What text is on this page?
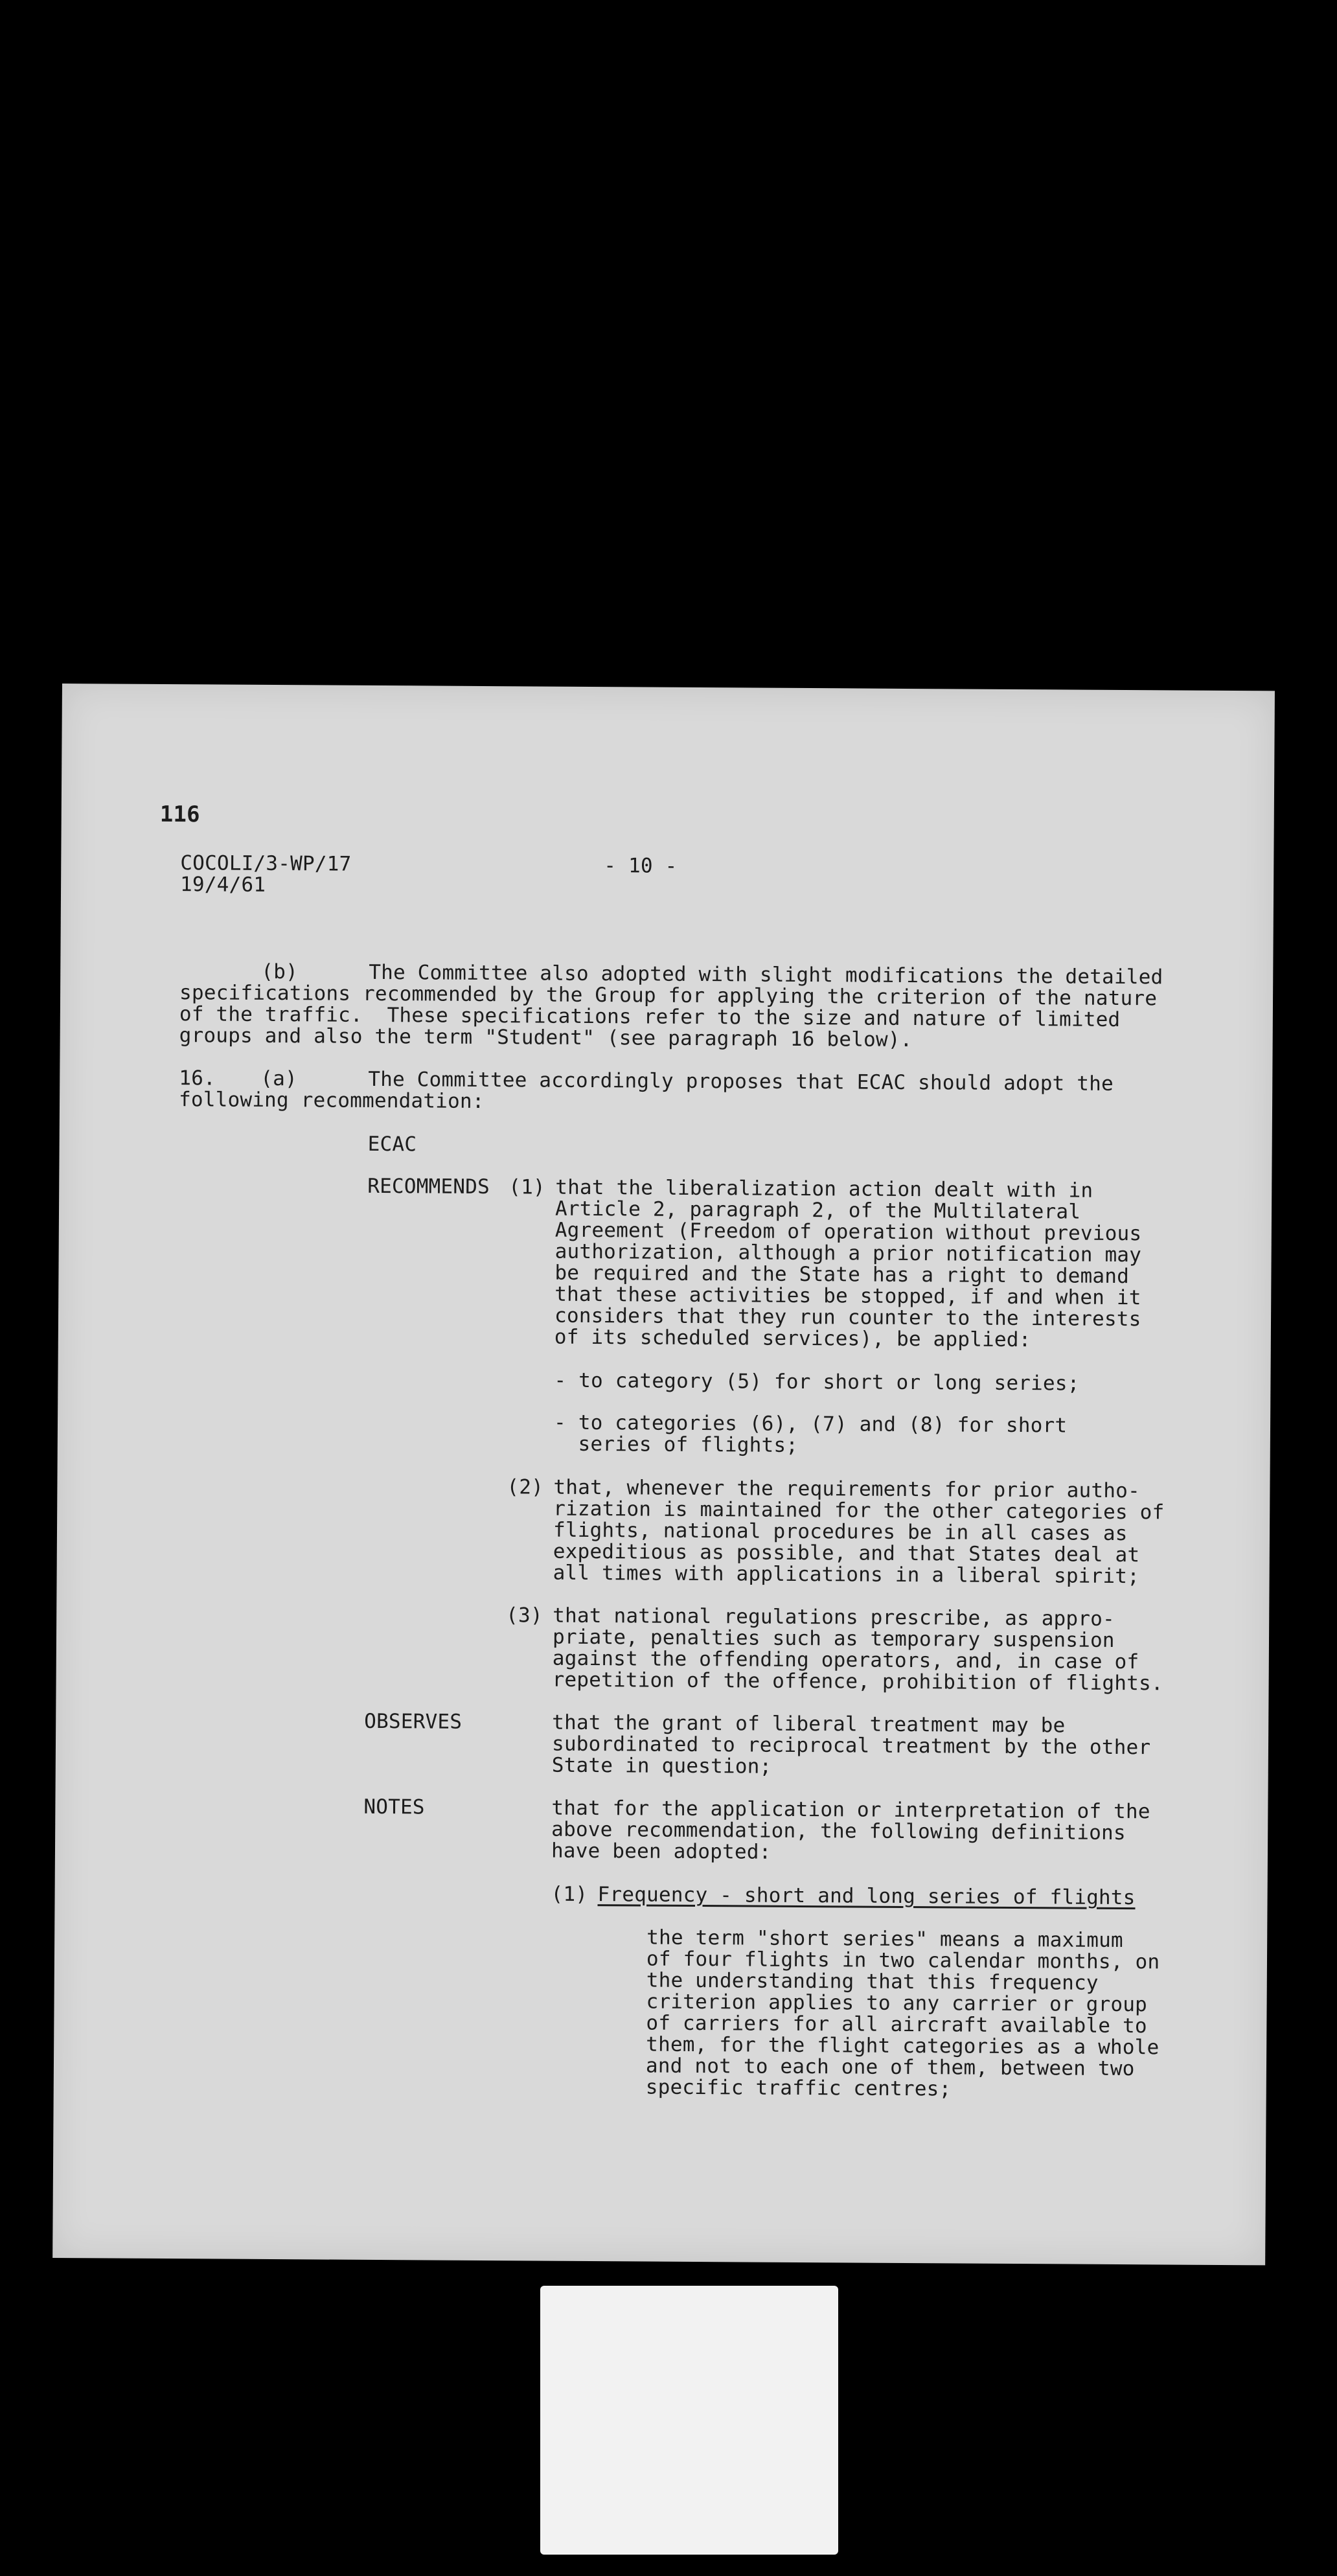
116
COCOLI/3-WP/17
19/4/61
- 10 -
(b)	The Committee also adopted with slight modifications the detailed
specifications recommended by the Group for applying the criterion of the nature
of the traffic.  These specifications refer to the size and nature of limited
groups and also the term "Student" (see paragraph 16 below).
16. (a)	The Committee accordingly proposes that ECAC should adopt the
following recommendation:
ECAC
RECOMMENDS (1) that the liberalization action dealt with in
Article 2, paragraph 2, of the Multilateral
Agreement (Freedom of operation without previous
authorization, although a prior notification may
be required and the State has a right to demand
that these activities be stopped, if and when it
considers that they run counter to the interests
of its scheduled services), be applied:
- to category (5) for short or long series;
- to categories (6), (7) and (8) for short
series of flights;
(2) that, whenever the requirements for prior autho-
rization is maintained for the other categories of
flights, national procedures be in all cases as
expeditious as possible, and that States deal at
all times with applications in a liberal spirit;
(3) that national regulations prescribe, as appro-
priate, penalties such as temporary suspension
against the offending operators, and, in case of
repetition of the offence, prohibition of flights.
OBSERVES	that the grant of liberal treatment may be
subordinated to reciprocal treatment by the other
State in question;
NOTES	that for the application or interpretation of the
above recommendation, the following definitions
have been adopted:
(1) Frequency - short and long series of flights
the term "short series" means a maximum
of four flights in two calendar months, on
the understanding that this frequency
criterion applies to any carrier or group
of carriers for all aircraft available to
them, for the flight categories as a whole
and not to each one of them, between two
specific traffic centres;
